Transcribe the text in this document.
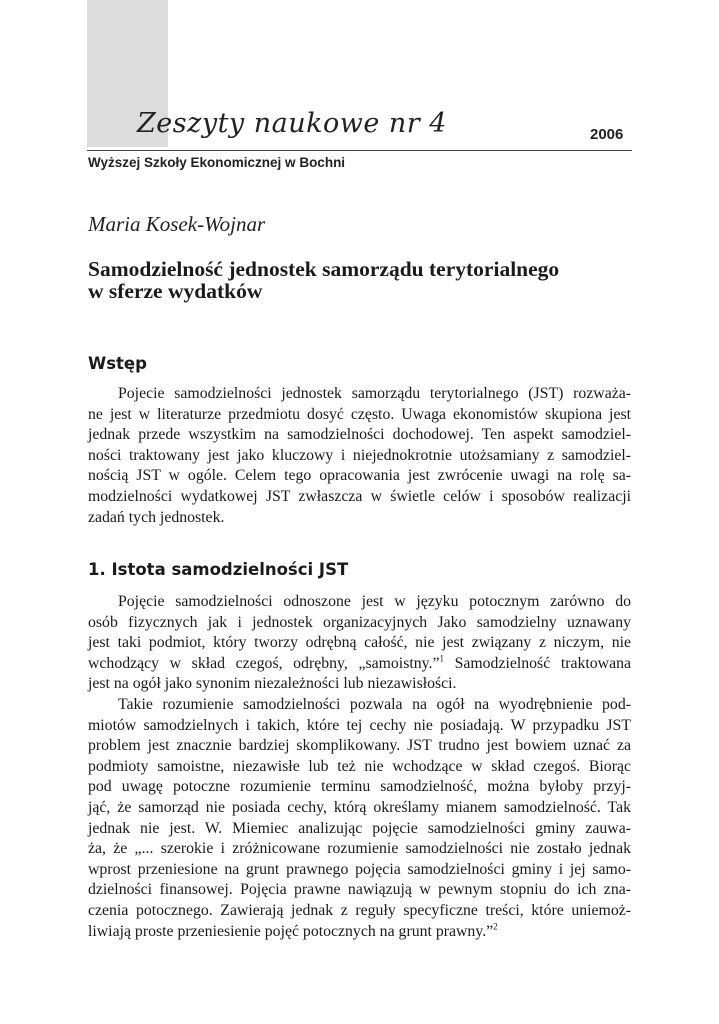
Zeszyty naukowe nr 4	2006
Wyższej Szkoły Ekonomicznej w Bochni
Maria Kosek-Wojnar
Samodzielność jednostek samorządu terytorialnego
w sferze wydatków
Wstęp
Pojecie samodzielności jednostek samorządu terytorialnego (JST) rozważa-
ne jest w literaturze przedmiotu dosyć często. Uwaga ekonomistów skupiona jest
jednak przede wszystkim na samodzielności dochodowej. Ten aspekt samodziel-
ności traktowany jest jako kluczowy i niejednokrotnie utożsamiany z samodziel-
nością JST w ogóle. Celem tego opracowania jest zwrócenie uwagi na rolę sa-
modzielności wydatkowej JST zwłaszcza w świetle celów i sposobów realizacji
zadań tych jednostek.
1. Istota samodzielności JST
Pojęcie samodzielności odnoszone jest w języku potocznym zarówno do
osób fizycznych jak i jednostek organizacyjnych Jako samodzielny uznawany
jest taki podmiot, który tworzy odrębną całość, nie jest związany z niczym, nie
wchodzący w skład czegoś, odrębny, „samoistny.”$^1$ Samodzielność traktowana
jest na ogół jako synonim niezależności lub niezawisłości.
Takie rozumienie samodzielności pozwala na ogół na wyodrębnienie pod-
miotów samodzielnych i takich, które tej cechy nie posiadają. W przypadku JST
problem jest znacznie bardziej skomplikowany. JST trudno jest bowiem uznać za
podmioty samoistne, niezawisłe lub też nie wchodzące w skład czegoś. Biorąc
pod uwagę potoczne rozumienie terminu samodzielność, można byłoby przyj-
jąć, że samorząd nie posiada cechy, którą określamy mianem samodzielność. Tak
jednak nie jest. W. Miemiec analizując pojęcie samodzielności gminy zauwa-
ża, że „... szerokie i zróżnicowane rozumienie samodzielności nie zostało jednak
wprost przeniesione na grunt prawnego pojęcia samodzielności gminy i jej samo-
dzielności finansowej. Pojęcia prawne nawiązują w pewnym stopniu do ich zna-
czenia potocznego. Zawierają jednak z reguły specyficzne treści, które uniemoż-
liwiają proste przeniesienie pojęć potocznych na grunt prawny.”$^2$
